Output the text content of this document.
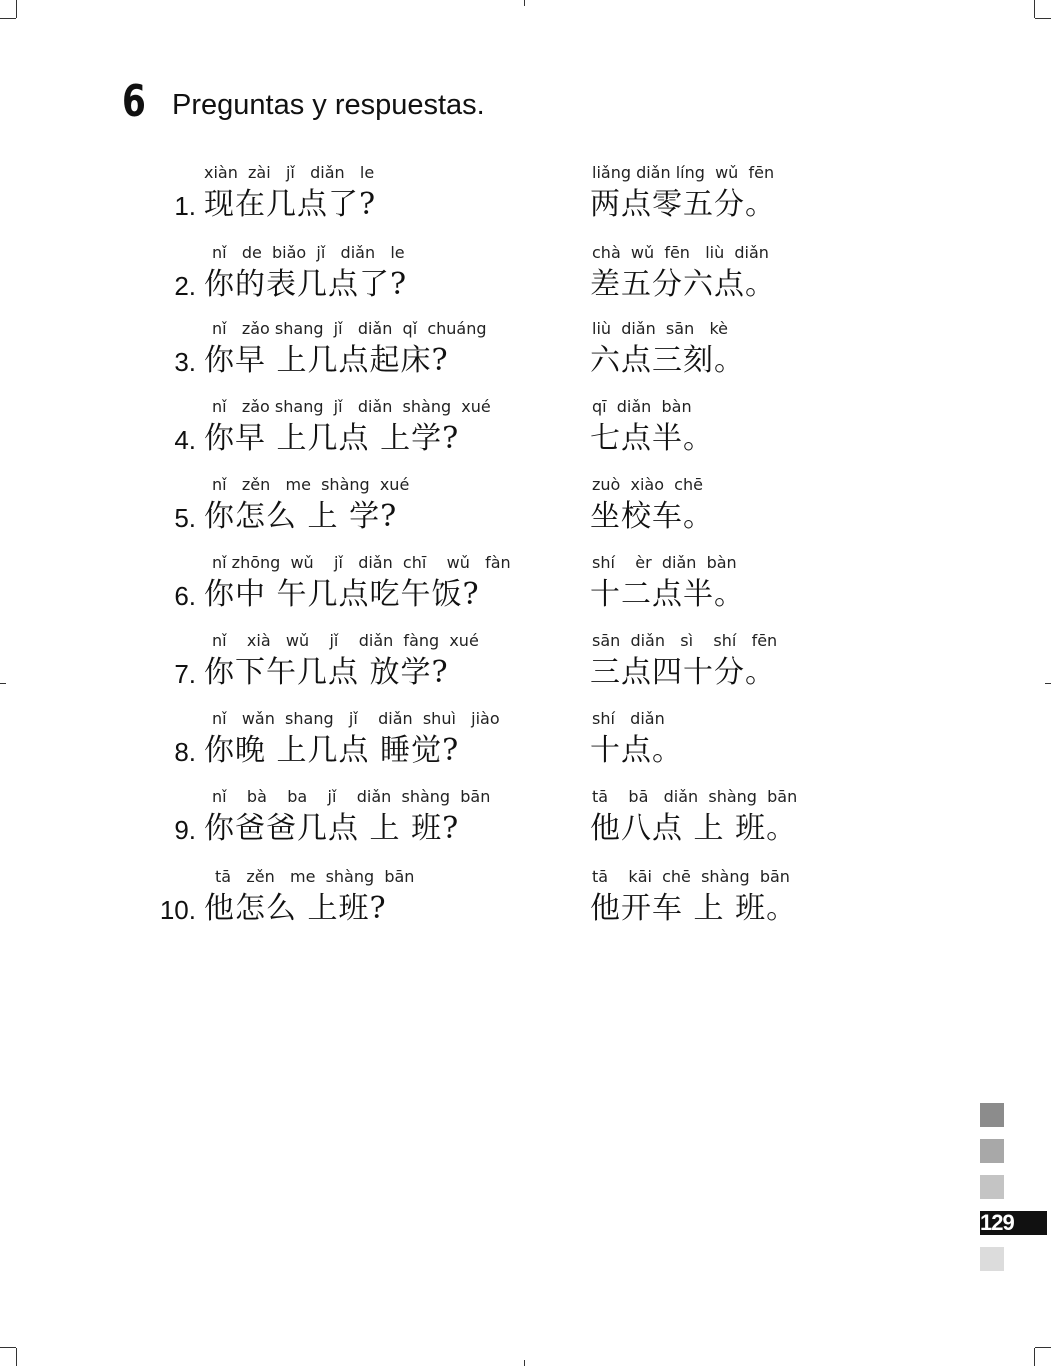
6 Preguntas y respuestas.
xiàn  zài   jǐ   diǎn   le
1. 现在几点了?
liǎng diǎn líng  wǔ  fēn
两点零五分。
nǐ   de  biǎo  jǐ   diǎn   le
2. 你的表几点了?
chà  wǔ  fēn   liù  diǎn
差五分六点。
nǐ   zǎo shang  jǐ   diǎn  qǐ  chuáng
3. 你早 上几点起床?
liù  diǎn  sān   kè
六点三刻。
nǐ   zǎo shang  jǐ   diǎn  shàng  xué
4. 你早 上几点 上学?
qī  diǎn  bàn
七点半。
nǐ   zěn   me  shàng  xué
5. 你怎么 上 学?
zuò  xiào  chē
坐校车。
nǐ zhōng  wǔ    jǐ   diǎn  chī    wǔ   fàn
6. 你中 午几点吃午饭?
shí    èr  diǎn  bàn
十二点半。
nǐ    xià   wǔ    jǐ    diǎn  fàng  xué
7. 你下午几点 放学?
sān  diǎn   sì    shí   fēn
三点四十分。
nǐ   wǎn  shang   jǐ    diǎn  shuì   jiào
8. 你晚 上几点 睡觉?
shí   diǎn
十点。
nǐ    bà    ba    jǐ    diǎn  shàng  bān
9. 你爸爸几点 上 班?
tā    bā   diǎn  shàng  bān
他八点 上 班。
tā   zěn   me  shàng  bān
10. 他怎么 上班?
tā    kāi  chē  shàng  bān
他开车 上 班。
129
